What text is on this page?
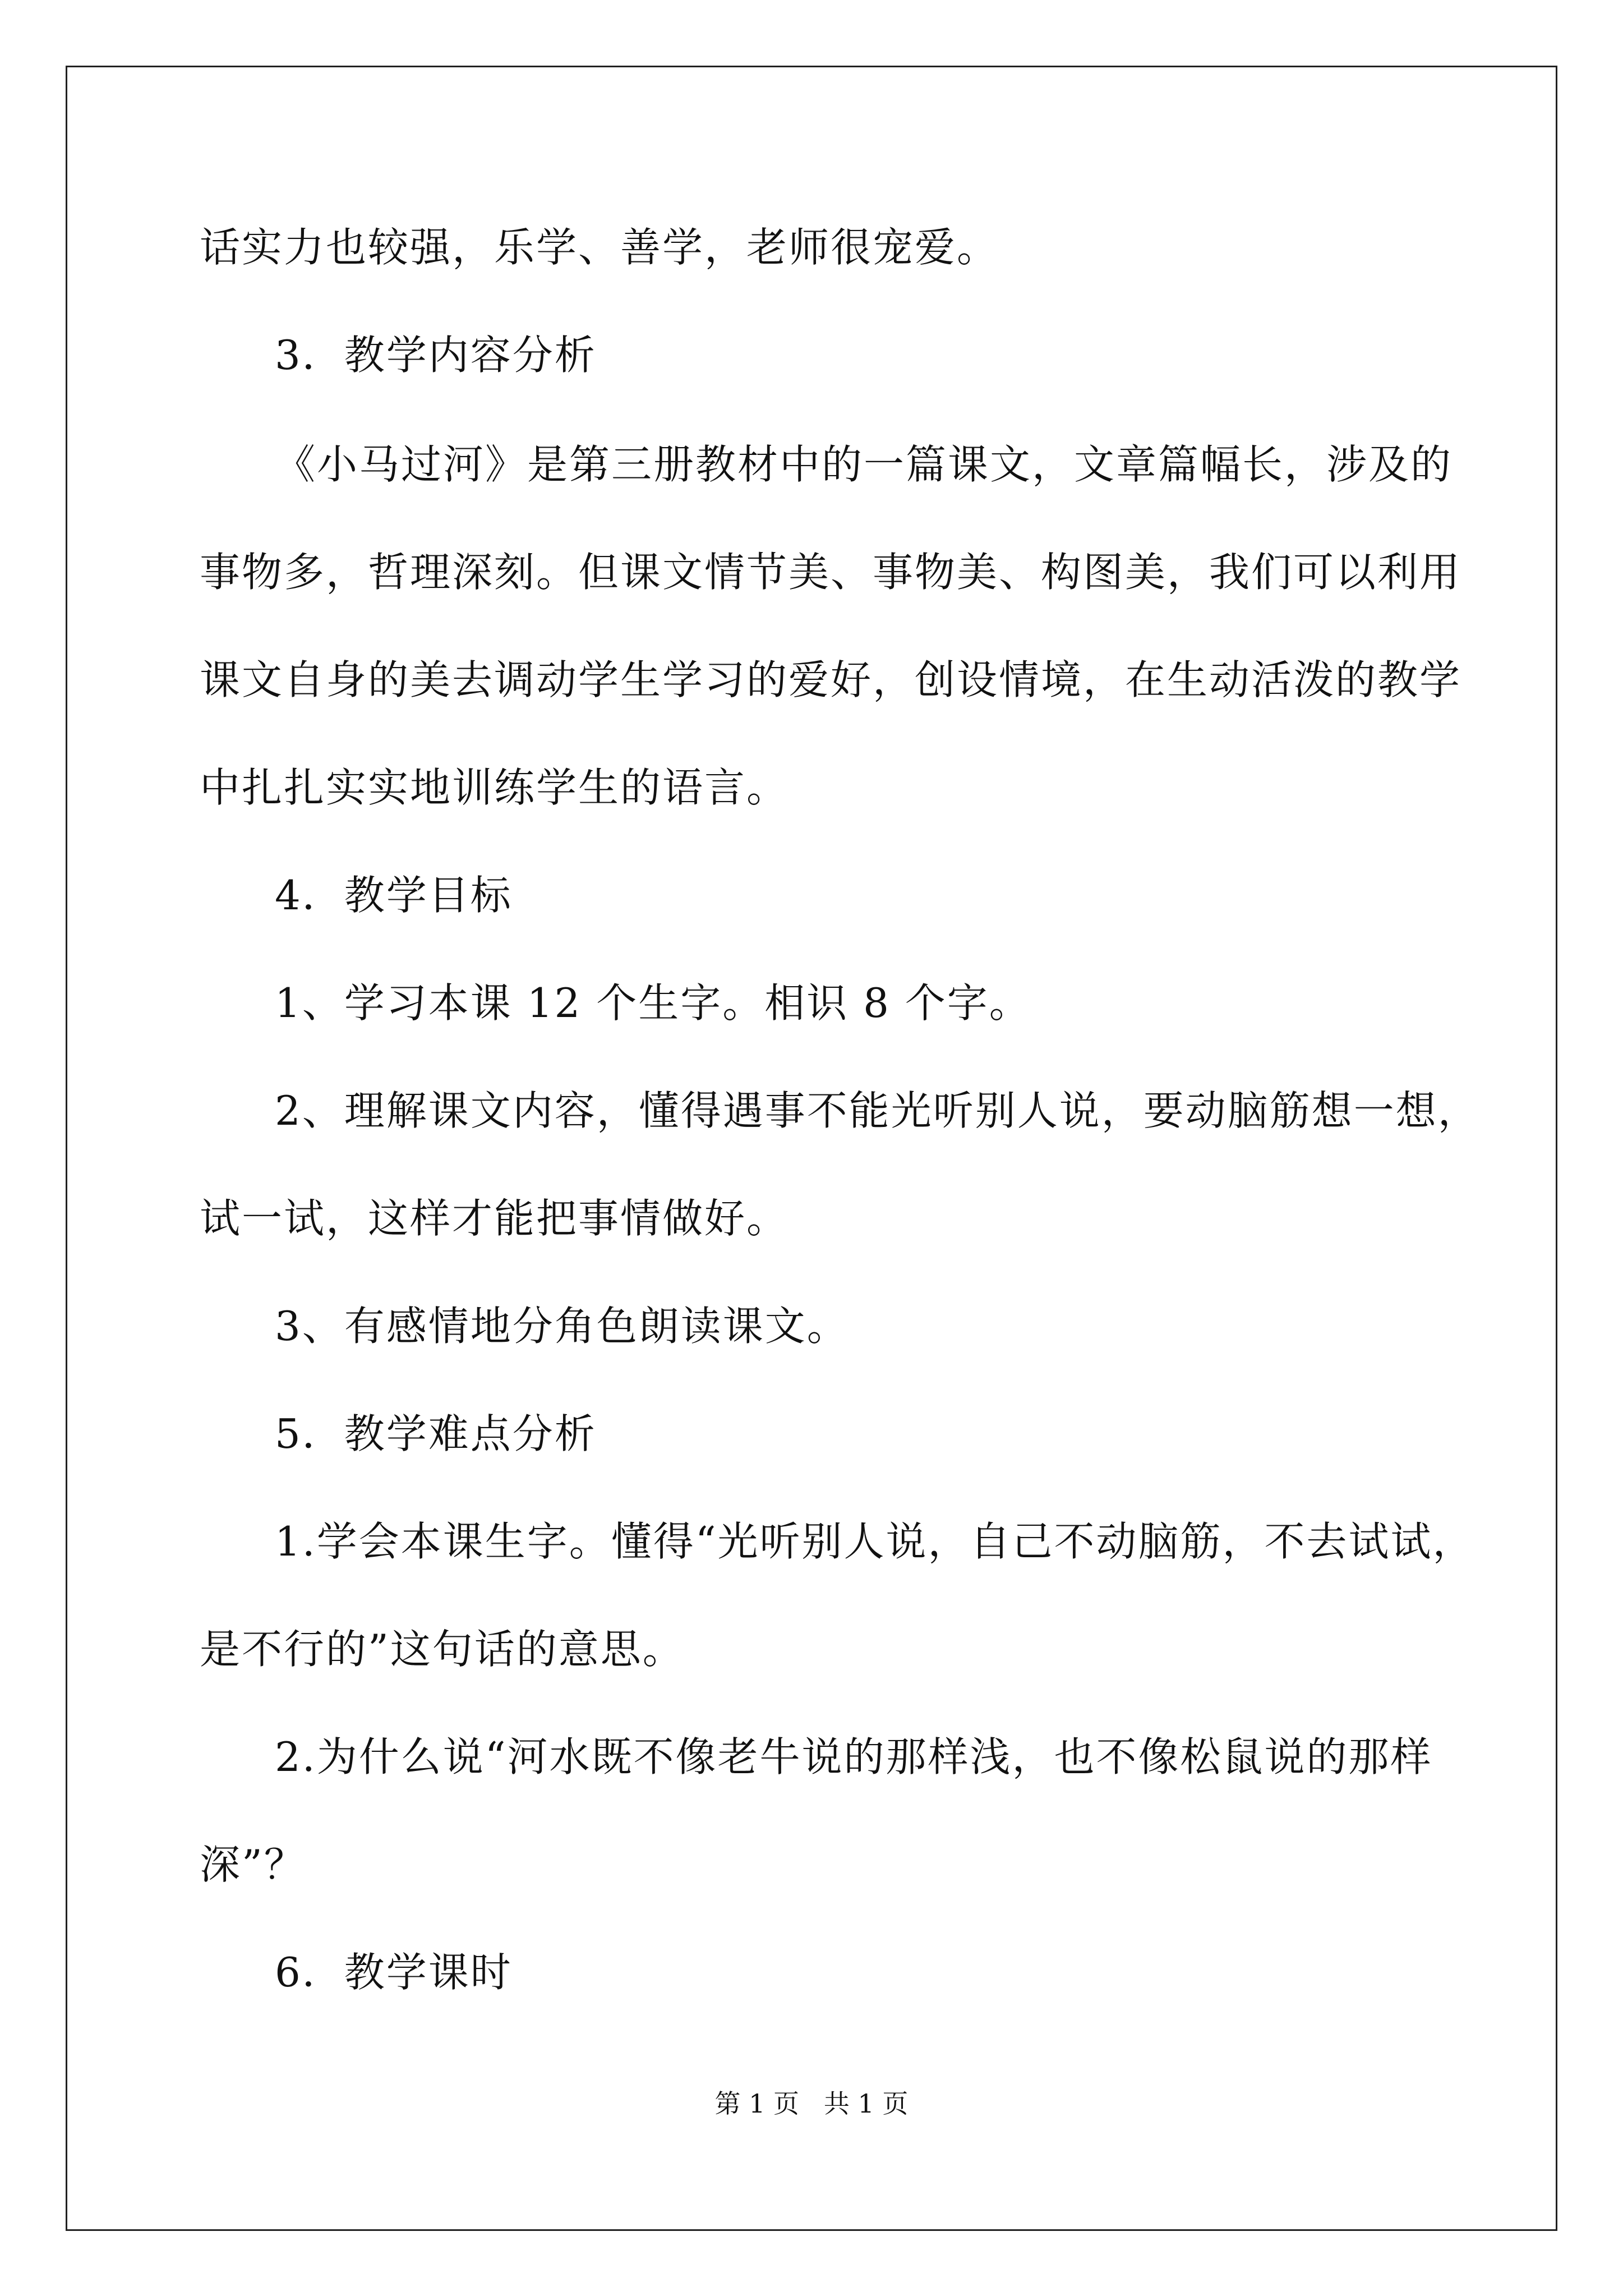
话实力也较强，乐学、善学，老师很宠爱。
3．教学内容分析
《小马过河》是第三册教材中的一篇课文，文章篇幅长，涉及的
事物多，哲理深刻。但课文情节美、事物美、构图美，我们可以利用
课文自身的美去调动学生学习的爱好，创设情境，在生动活泼的教学
中扎扎实实地训练学生的语言。
4．教学目标
1、学习本课 12 个生字。相识 8 个字。
2、理解课文内容，懂得遇事不能光听别人说，要动脑筋想一想，
试一试，这样才能把事情做好。
3、有感情地分角色朗读课文。
5．教学难点分析
1.学会本课生字。懂得“光听别人说，自己不动脑筋，不去试试，
是不行的”这句话的意思。
2.为什么说“河水既不像老牛说的那样浅，也不像松鼠说的那样
深”？
6．教学课时
第 1 页   共 1 页
